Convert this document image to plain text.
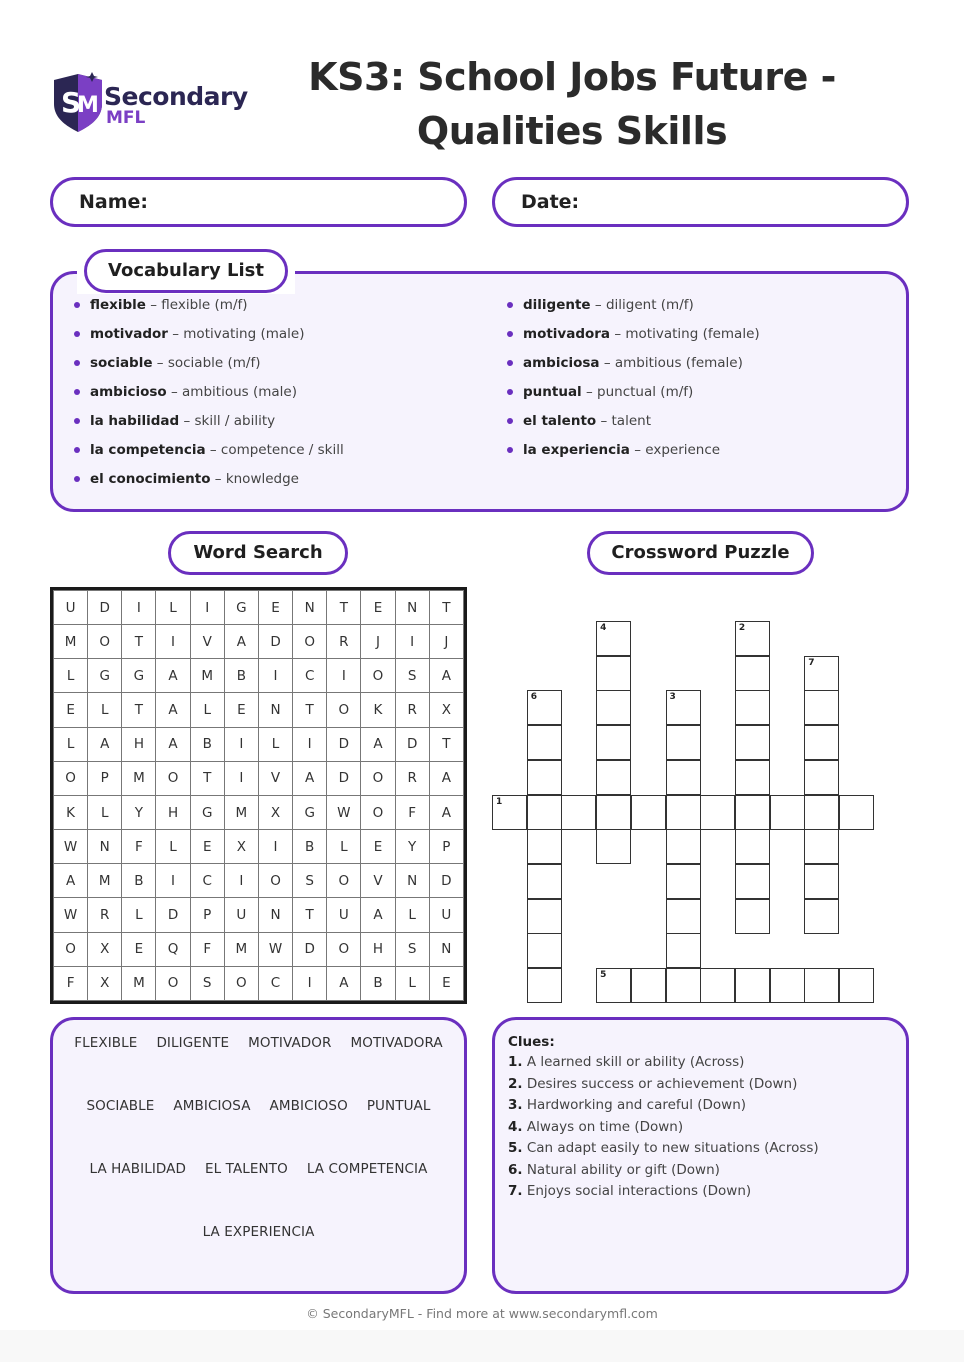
S
M Secondary
MFL
KS3: School Jobs Future - Qualities Skills
Name:	Date:
Vocabulary List
flexible – flexible (m/f)
motivador – motivating (male)
sociable – sociable (m/f)
ambicioso – ambitious (male)
la habilidad – skill / ability
la competencia – competence / skill
el conocimiento – knowledge
diligente – diligent (m/f)
motivadora – motivating (female)
ambiciosa – ambitious (female)
puntual – punctual (m/f)
el talento – talent
la experiencia – experience
Word Search	Crossword Puzzle
U	D	I	L	I	G	E	N	T	E	N	T
M	O	T	I	V	A	D	O	R	J	I	J
L	G	G	A	M	B	I	C	I	O	S	A
E	L	T	A	L	E	N	T	O	K	R	X
L	A	H	A	B	I	L	I	D	A	D	T
O	P	M	O	T	I	V	A	D	O	R	A
K	L	Y	H	G	M	X	G	W	O	F	A
W	N	F	L	E	X	I	B	L	E	Y	P
A	M	B	I	C	I	O	S	O	V	N	D
W	R	L	D	P	U	N	T	U	A	L	U
O	X	E	Q	F	M	W	D	O	H	S	N
F	X	M	O	S	O	C	I	A	B	L	E
FLEXIBLE DILIGENTE MOTIVADOR MOTIVADORA
SOCIABLE AMBICIOSA AMBICIOSO PUNTUAL
LA HABILIDAD EL TALENTO LA COMPETENCIA
LA EXPERIENCIA
1
2
3
4
5
6
7
Clues:
1. A learned skill or ability (Across)
2. Desires success or achievement (Down)
3. Hardworking and careful (Down)
4. Always on time (Down)
5. Can adapt easily to new situations (Across)
6. Natural ability or gift (Down)
7. Enjoys social interactions (Down)
© SecondaryMFL - Find more at www.secondarymfl.com
